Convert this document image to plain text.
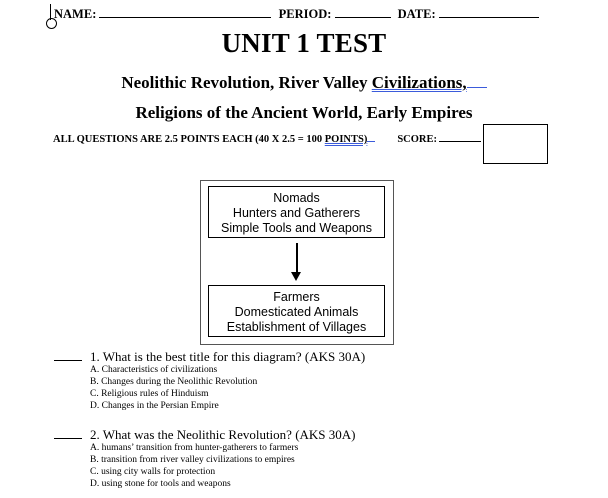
NAME:	PERIOD:	DATE:
UNIT 1 TEST
Neolithic Revolution, River Valley Civilizations,
Religions of the Ancient World, Early Empires
ALL QUESTIONS ARE 2.5 POINTS EACH (40 X 2.5 = 100 POINTS)	SCORE:
Nomads
Hunters and Gatherers
Simple Tools and Weapons
Farmers
Domesticated Animals
Establishment of Villages
1. What is the best title for this diagram? (AKS 30A)
A. Characteristics of civilizations
B. Changes during the Neolithic Revolution
C. Religious rules of Hinduism
D. Changes in the Persian Empire
2. What was the Neolithic Revolution? (AKS 30A)
A. humans’ transition from hunter-gatherers to farmers
B. transition from river valley civilizations to empires
C. using city walls for protection
D. using stone for tools and weapons
